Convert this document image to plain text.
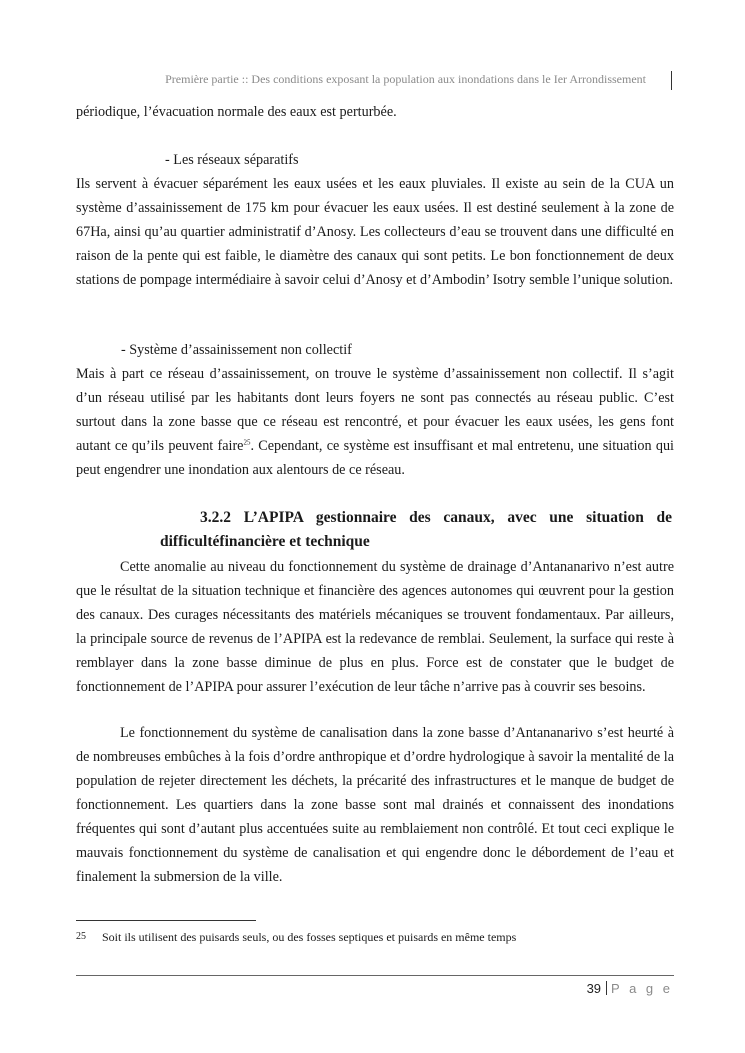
Première partie :: Des conditions exposant la population aux inondations dans le Ier Arrondissement

périodique, l’évacuation normale des eaux est perturbée.

- Les réseaux séparatifs

Ils servent à évacuer séparément les eaux usées et les eaux pluviales. Il existe au sein de la CUA un système d’assainissement de 175 km pour évacuer les eaux usées. Il est destiné seulement à la zone de 67Ha, ainsi qu’au quartier administratif d’Anosy. Les collecteurs d’eau se trouvent dans une difficulté en raison de la pente qui est faible, le diamètre des canaux qui sont petits. Le bon fonctionnement de deux stations de pompage intermédiaire à savoir celui d’Anosy et d’Ambodin’ Isotry semble l’unique solution.

- Système d’assainissement non collectif

Mais à part ce réseau d’assainissement, on trouve le système d’assainissement non collectif. Il s’agit d’un réseau utilisé par les habitants dont leurs foyers ne sont pas connectés au réseau public. C’est surtout dans la zone basse que ce réseau est rencontré, et pour évacuer les eaux usées, les gens font autant ce qu’ils peuvent faire$^{25}$. Cependant, ce système est insuffisant et mal entretenu, une situation qui peut engendrer une inondation aux alentours de ce réseau.

3.2.2 L’APIPA gestionnaire des canaux, avec une situation de difficultéfinancière et technique

Cette anomalie au niveau du fonctionnement du système de drainage d’Antananarivo n’est autre que le résultat de la situation technique et financière des agences autonomes qui œuvrent pour la gestion des canaux. Des curages nécessitants des matériels mécaniques se trouvent fondamentaux. Par ailleurs, la principale source de revenus de l’APIPA est la redevance de remblai. Seulement, la surface qui reste à remblayer dans la zone basse diminue de plus en plus. Force est de constater que le budget de fonctionnement de l’APIPA pour assurer l’exécution de leur tâche n’arrive pas à couvrir ses besoins.

Le fonctionnement du système de canalisation dans la zone basse d’Antananarivo s’est heurté à de nombreuses embûches à la fois d’ordre anthropique et d’ordre hydrologique à savoir la mentalité de la population de rejeter directement les déchets, la précarité des infrastructures et le manque de budget de fonctionnement. Les quartiers dans la zone basse sont mal drainés et connaissent des inondations fréquentes qui sont d’autant plus accentuées suite au remblaiement non contrôlé. Et tout ceci explique le mauvais fonctionnement du système de canalisation et qui engendre donc le débordement de l’eau et finalement la submersion de la ville.

25 Soit ils utilisent des puisards seuls, ou des fosses septiques et puisards en même temps
39 P a g e
